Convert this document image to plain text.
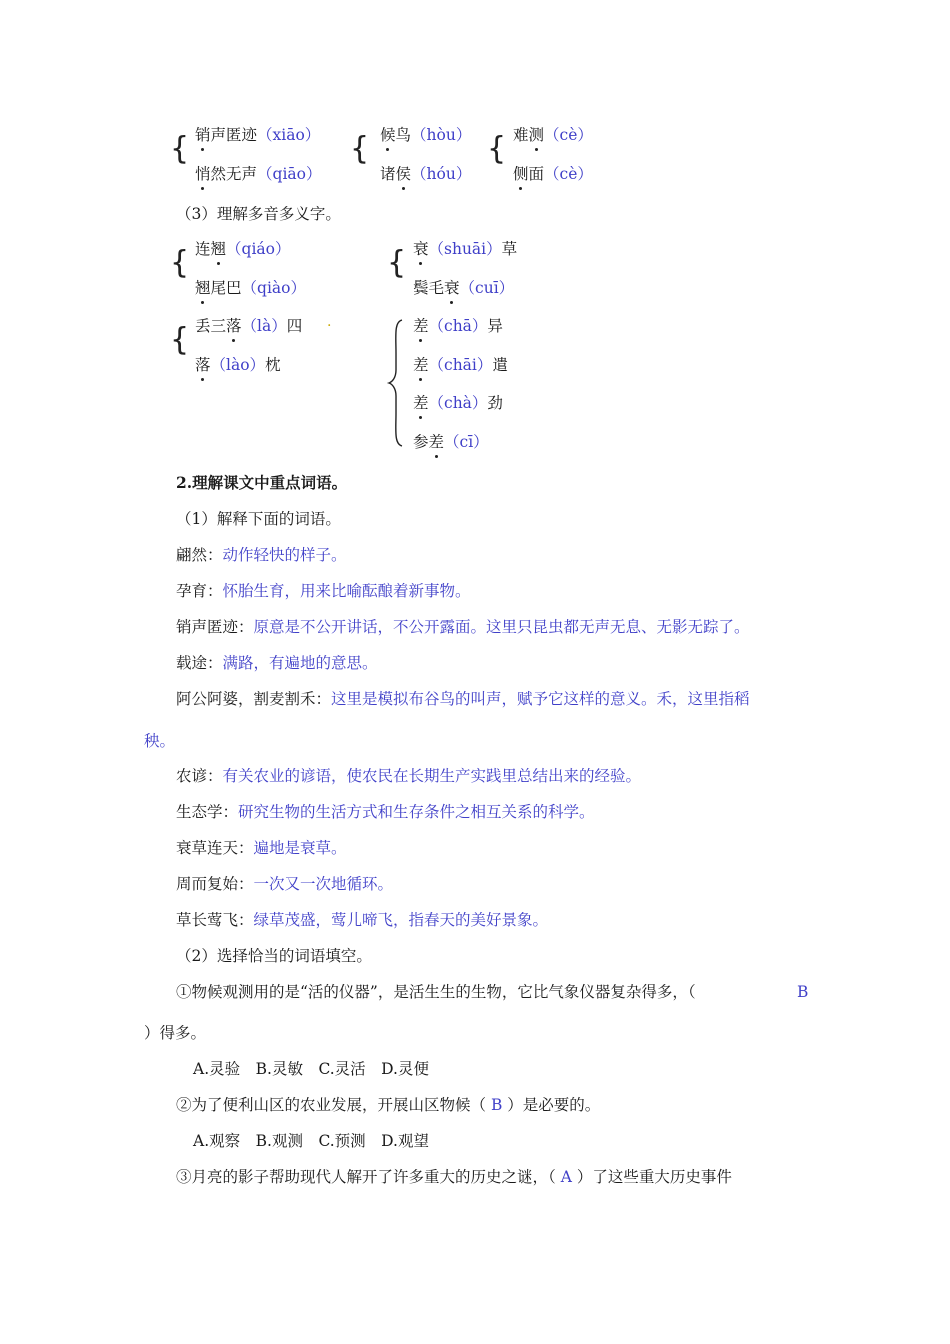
{ 销声匿迹（xiāo）
悄然无声（qiāo）
{ 候鸟（hòu）
诸侯（hóu）
{ 难测（cè）
侧面（cè）
（3）理解多音多义字。
{ 连翘（qiáo）
翘尾巴（qiào）
{ 衰（shuāi）草
鬓毛衰（cuī）
{ 丢三落（là）四
落（lào）枕
.	差（chā）异
差（chāi）遣
差（chà）劲
参差（cī）
2.理解课文中重点词语。
（1）解释下面的词语。
翩然：动作轻快的样子。
孕育：怀胎生育，用来比喻酝酿着新事物。
销声匿迹：原意是不公开讲话，不公开露面。这里只昆虫都无声无息、无影无踪了。
载途：满路，有遍地的意思。
阿公阿婆，割麦割禾：这里是模拟布谷鸟的叫声，赋予它这样的意义。禾，这里指稻
秧。
农谚：有关农业的谚语，使农民在长期生产实践里总结出来的经验。
生态学：研究生物的生活方式和生存条件之相互关系的科学。
衰草连天：遍地是衰草。
周而复始：一次又一次地循环。
草长莺飞：绿草茂盛，莺儿啼飞，指春天的美好景象。
（2）选择恰当的词语填空。
①物候观测用的是“活的仪器”，是活生生的生物，它比气象仪器复杂得多，（	B
）得多。
A.灵验　B.灵敏　C.灵活　D.灵便
②为了便利山区的农业发展，开展山区物候（ B ）是必要的。
A.观察　B.观测　C.预测　D.观望
③月亮的影子帮助现代人解开了许多重大的历史之谜，（ A ）了这些重大历史事件
